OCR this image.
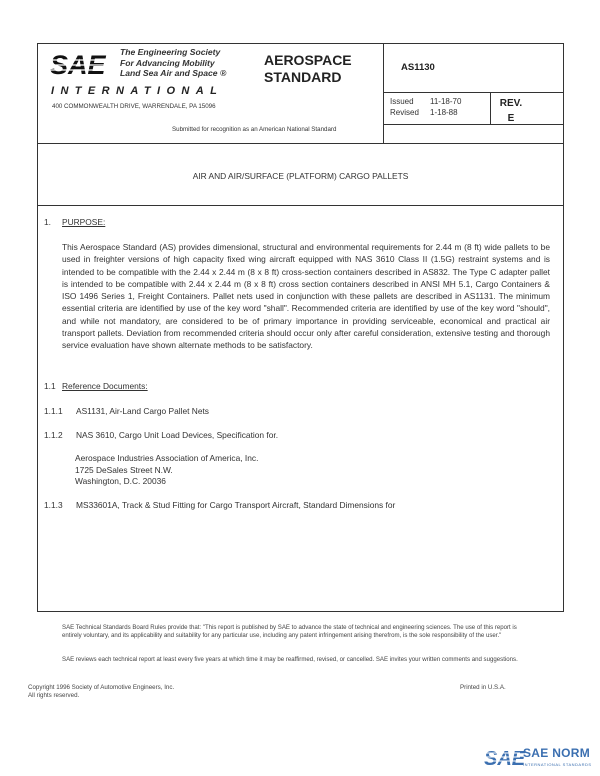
SAE The Engineering Society
For Advancing Mobility
Land Sea Air and Space ®
INTERNATIONAL
400 COMMONWEALTH DRIVE, WARRENDALE, PA 15096
AEROSPACE
STANDARD
AS1130
Issued 11-18-70
Revised 1-18-88
REV.
E
Submitted for recognition as an American National Standard
AIR AND AIR/SURFACE (PLATFORM) CARGO PALLETS
1. PURPOSE:
This Aerospace Standard (AS) provides dimensional, structural and environmental requirements for 2.44 m (8 ft) wide pallets to be used in freighter versions of high capacity fixed wing aircraft equipped with NAS 3610 Class II (1.5G) restraint systems and is intended to be compatible with the 2.44 x 2.44 m (8 x 8 ft) cross-section containers described in AS832. The Type C adapter pallet is intended to be compatible with 2.44 x 2.44 m (8 x 8 ft) cross section containers described in ANSI MH 5.1, Cargo Containers & ISO 1496 Series 1, Freight Containers. Pallet nets used in conjunction with these pallets are described in AS1131. The minimum essential criteria are identified by use of the key word "shall". Recommended criteria are identified by use of the key word "should", and while not mandatory, are considered to be of primary importance in providing serviceable, economical and practical air transport pallets. Deviation from recommended criteria should occur only after careful consideration, extensive testing and thorough service evaluation have shown alternate methods to be satisfactory.
1.1 Reference Documents:
1.1.1 AS1131, Air-Land Cargo Pallet Nets
1.1.2 NAS 3610, Cargo Unit Load Devices, Specification for.
Aerospace Industries Association of America, Inc.
1725 DeSales Street N.W.
Washington, D.C. 20036
1.1.3 MS33601A, Track & Stud Fitting for Cargo Transport Aircraft, Standard Dimensions for
SAE Technical Standards Board Rules provide that: "This report is published by SAE to advance the state of technical and engineering sciences. The use of this report is entirely voluntary, and its applicability and suitability for any particular use, including any patent infringement arising therefrom, is the sole responsibility of the user."
SAE reviews each technical report at least every five years at which time it may be reaffirmed, revised, or cancelled. SAE invites your written comments and suggestions.
Copyright 1996 Society of Automotive Engineers, Inc.
All rights reserved.
Printed in U.S.A.
SAE
SAE NORM
INTERNATIONAL STANDARDS
